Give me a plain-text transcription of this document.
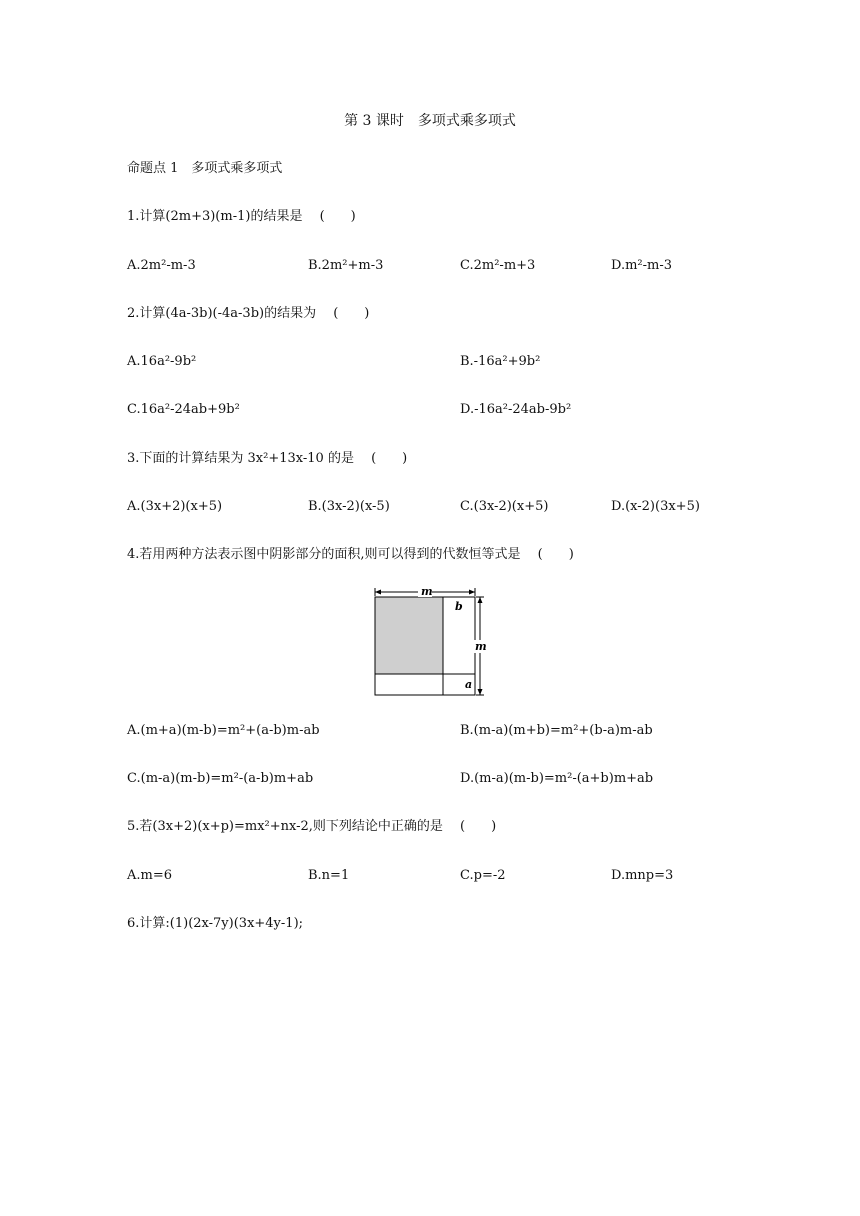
第 3 课时　多项式乘多项式
命题点 1　多项式乘多项式
1.计算(2m+3)(m-1)的结果是　 (　　)
A.2m²-m-3	B.2m²+m-3	C.2m²-m+3	D.m²-m-3
2.计算(4a-3b)(-4a-3b)的结果为　 (　　)
A.16a²-9b²	B.-16a²+9b²
C.16a²-24ab+9b²	D.-16a²-24ab-9b²
3.下面的计算结果为 3x²+13x-10 的是　 (　　)
A.(3x+2)(x+5)	B.(3x-2)(x-5)	C.(3x-2)(x+5)	D.(x-2)(3x+5)
4.若用两种方法表示图中阴影部分的面积,则可以得到的代数恒等式是　 (　　)
m
m
b
a
A.(m+a)(m-b)=m²+(a-b)m-ab	B.(m-a)(m+b)=m²+(b-a)m-ab
C.(m-a)(m-b)=m²-(a-b)m+ab	D.(m-a)(m-b)=m²-(a+b)m+ab
5.若(3x+2)(x+p)=mx²+nx-2,则下列结论中正确的是　 (　　)
A.m=6	B.n=1	C.p=-2	D.mnp=3
6.计算:(1)(2x-7y)(3x+4y-1);
